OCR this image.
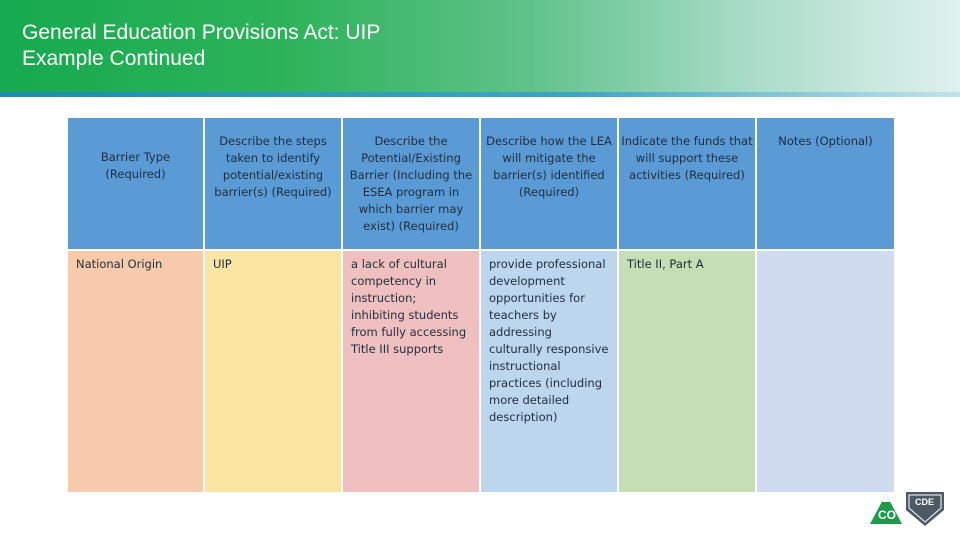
General Education Provisions Act: UIP
Example Continued
Barrier Type (Required)	Describe the steps taken to identify potential/existing barrier(s) (Required)	Describe the Potential/Existing Barrier (Including the ESEA program in which barrier may exist) (Required)	Describe how the LEA will mitigate the barrier(s) identified (Required)	Indicate the funds that will support these activities (Required)	Notes (Optional)
National Origin	UIP	a lack of cultural competency in instruction; inhibiting students from fully accessing Title III supports	provide professional development opportunities for teachers by addressing culturally responsive instructional practices (including more detailed description)	Title II, Part A	
CO
CDE
